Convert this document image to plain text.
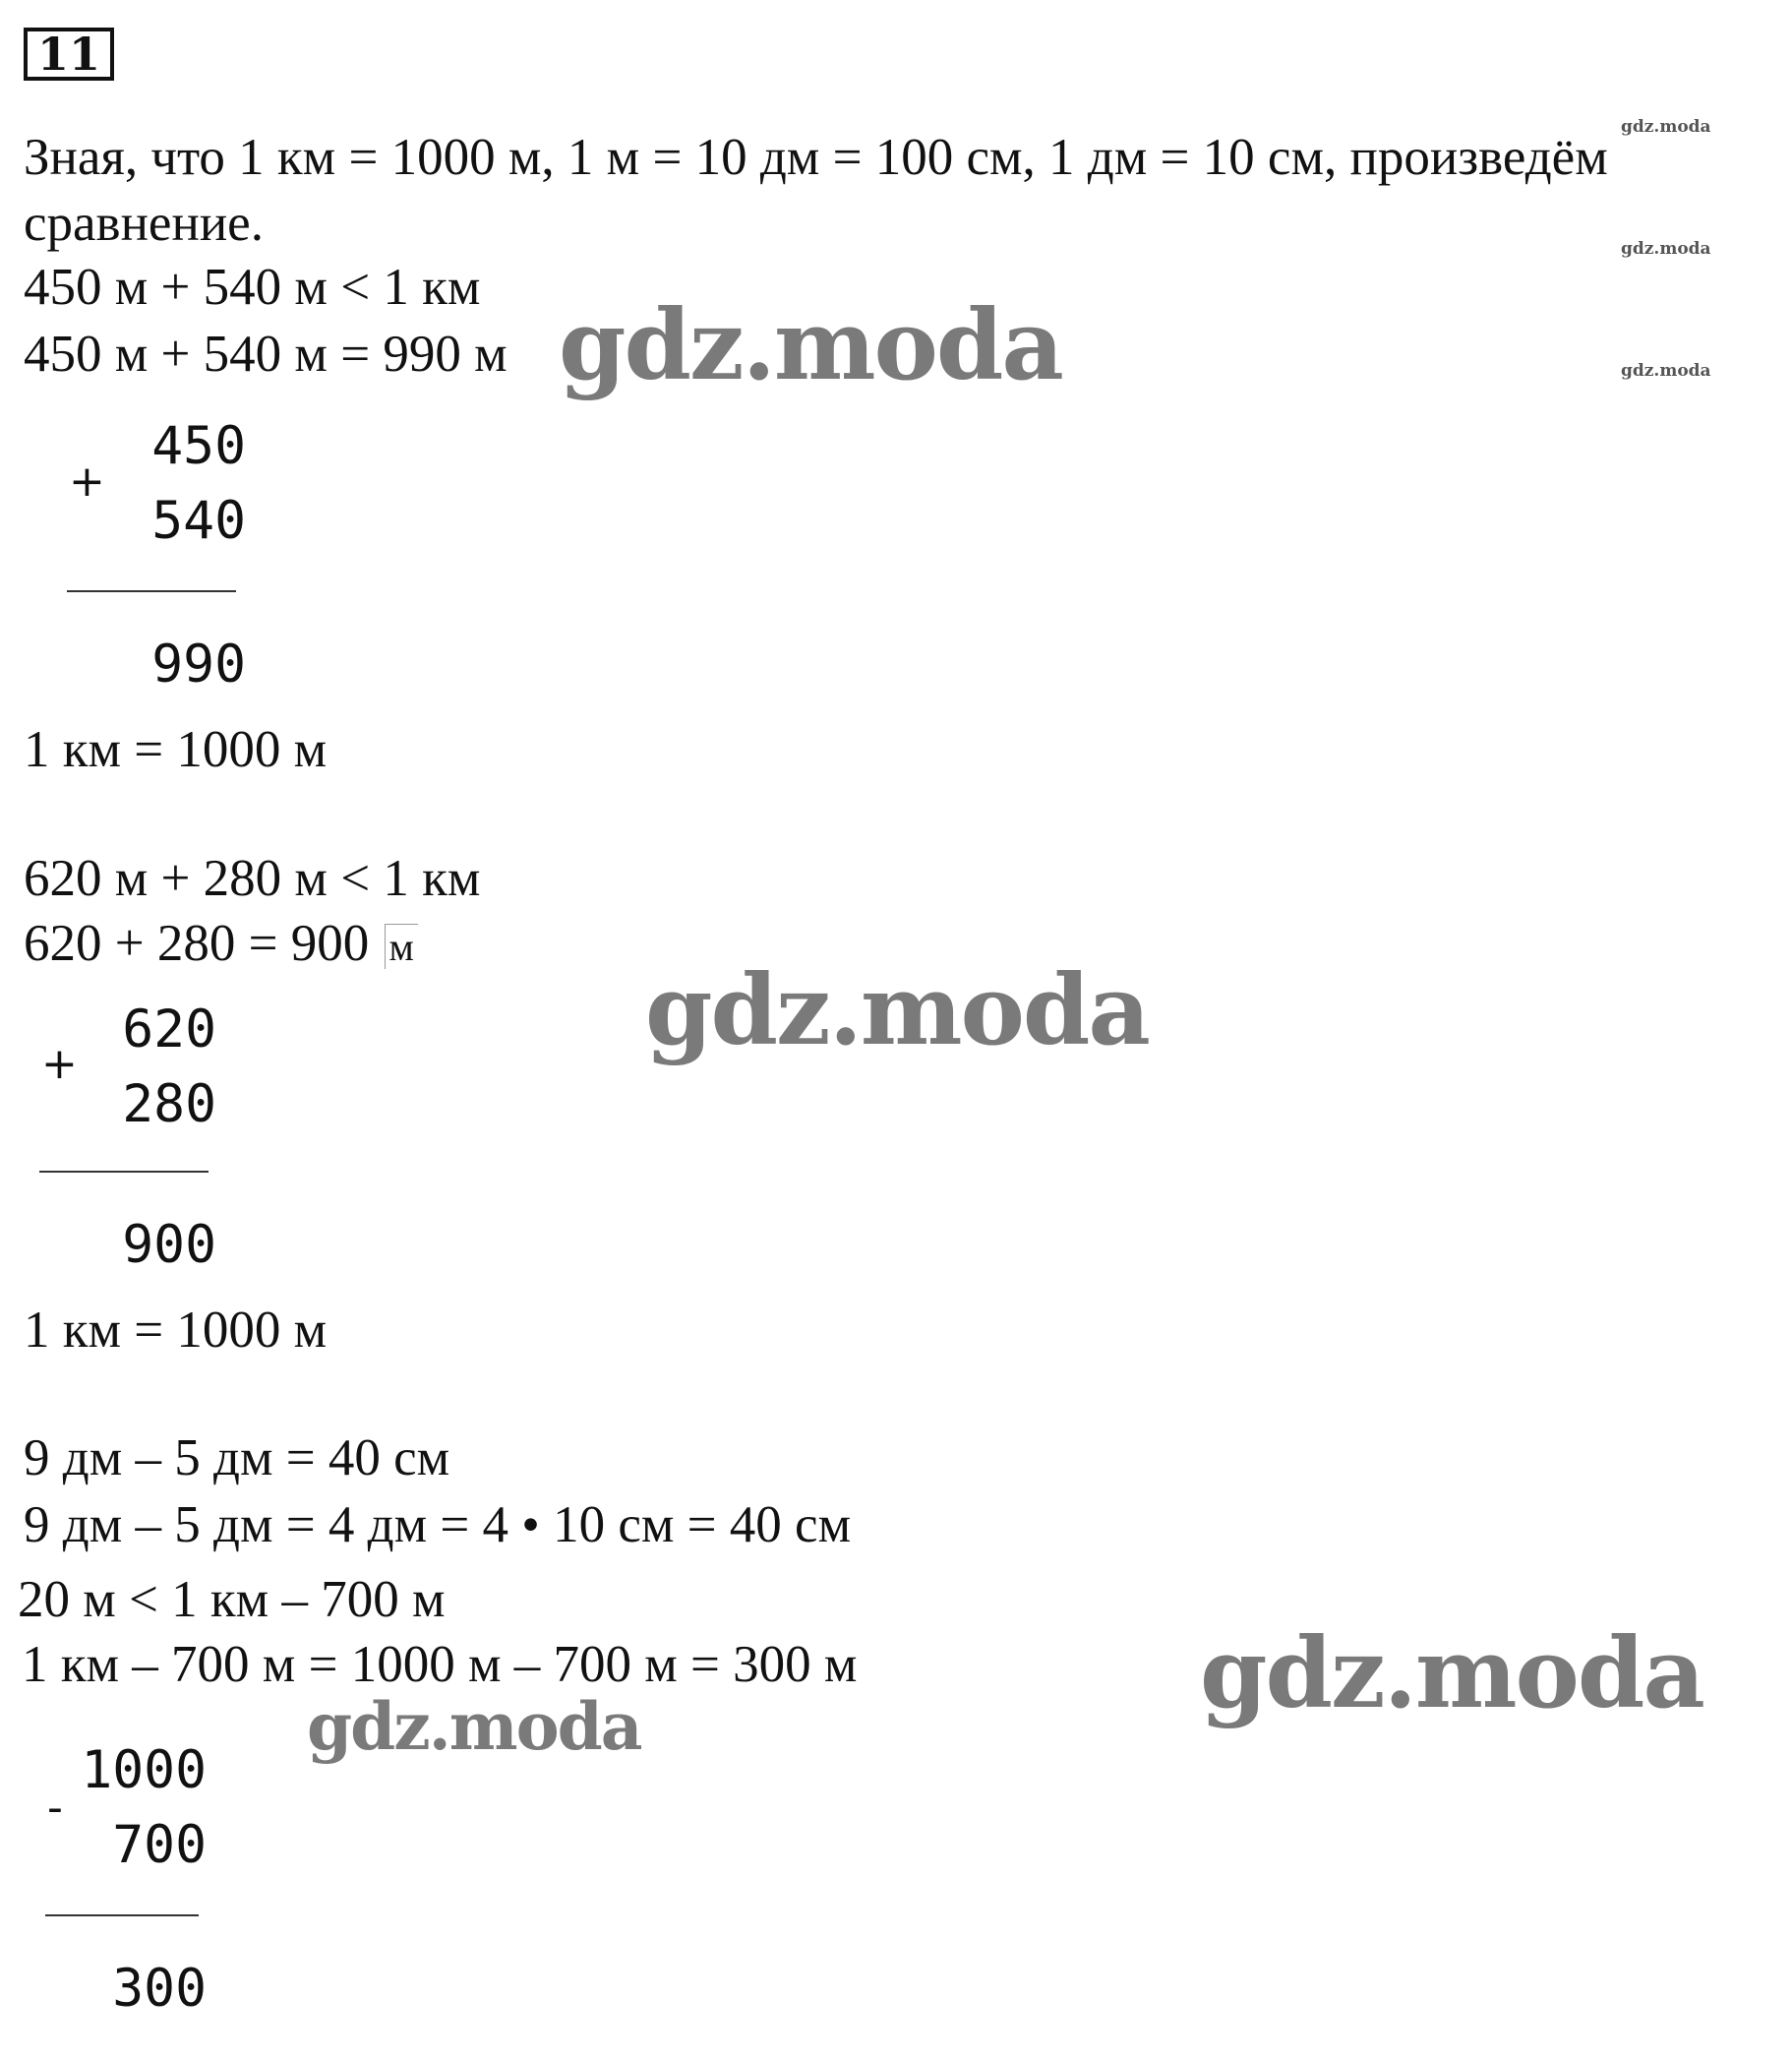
11
Зная, что 1 км = 1000 м, 1 м = 10 дм = 100 см, 1 дм = 10 см, произведём
сравнение.
450 м + 540 м < 1 км
450 м + 540 м = 990 м
+
450
540
990
1 км = 1000 м
620 м + 280 м < 1 км
620 + 280 = 900 м
+
620
280
900
1 км = 1000 м
9 дм – 5 дм = 40 см
9 дм – 5 дм = 4 дм = 4 • 10 см = 40 см
20 м < 1 км – 700 м
1 км – 700 м = 1000 м – 700 м = 300 м
-
1000
700
300
gdz.moda
gdz.moda
gdz.moda
gdz.moda
gdz.moda
gdz.moda
gdz.moda
